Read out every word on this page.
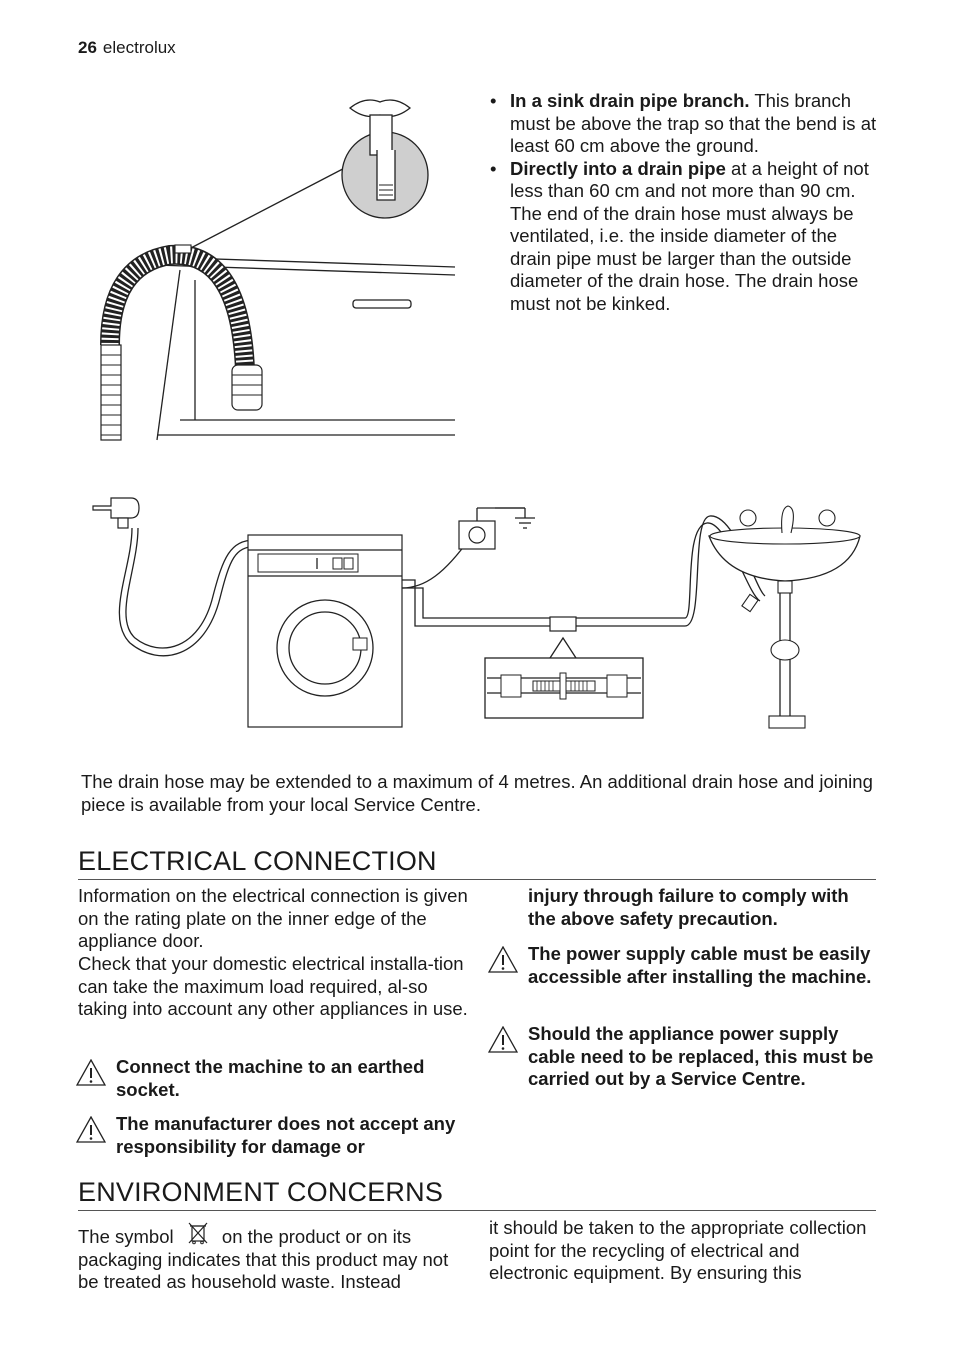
26 electrolux
• In a sink drain pipe branch. This branch must be above the trap so that the bend is at least 60 cm above the ground.
• Directly into a drain pipe at a height of not less than 60 cm and not more than 90 cm. The end of the drain hose must always be ventilated, i.e. the inside diameter of the drain pipe must be larger than the outside diameter of the drain hose. The drain hose must not be kinked.
The drain hose may be extended to a maximum of 4 metres. An additional drain hose and joining piece is available from your local Service Centre.
ELECTRICAL CONNECTION
Information on the electrical connection is given on the rating plate on the inner edge of the appliance door.
Check that your domestic electrical installa-tion can take the maximum load required, al-so taking into account any other appliances in use.
Connect the machine to an earthed socket.
The manufacturer does not accept any responsibility for damage or
injury through failure to comply with the above safety precaution.
The power supply cable must be easily accessible after installing the machine.
Should the appliance power supply cable need to be replaced, this must be carried out by a Service Centre.
ENVIRONMENT CONCERNS
The symbol	on the product or on its packaging indicates that this product may not be treated as household waste. Instead
it should be taken to the appropriate collection point for the recycling of electrical and electronic equipment. By ensuring this
